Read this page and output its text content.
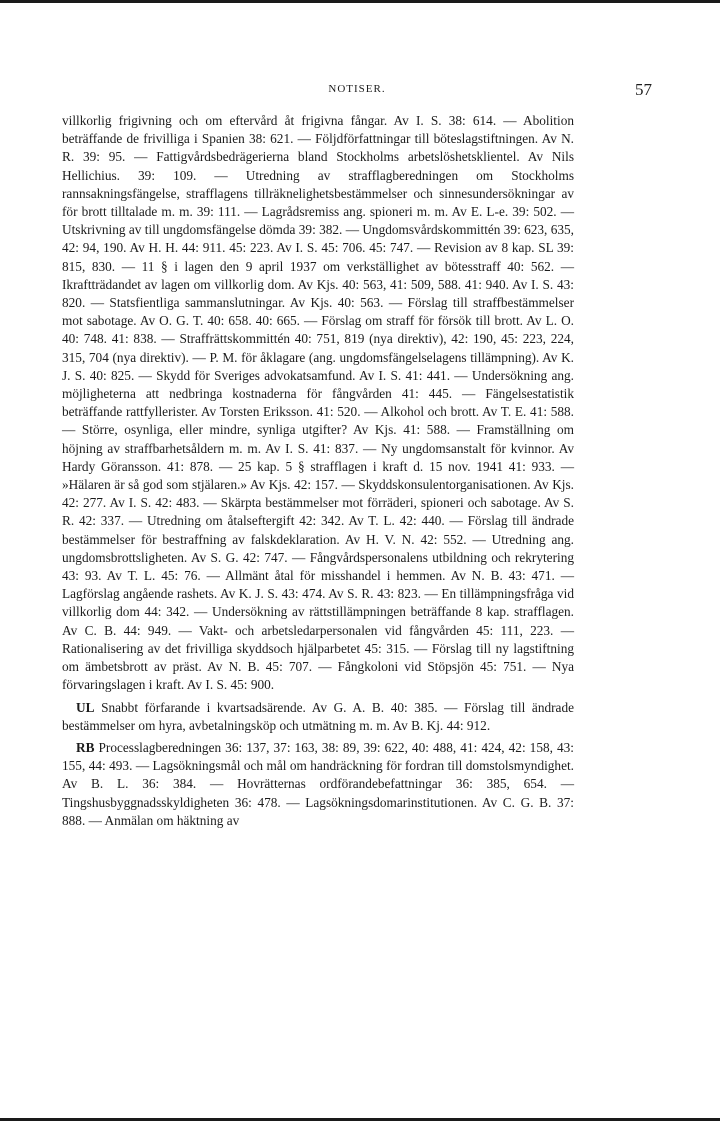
NOTISER.	57

villkorlig frigivning och om eftervård åt frigivna fångar. Av I. S. 38: 614. — Abolition beträffande de frivilliga i Spanien 38: 621. — Följdförfattningar till böteslagstiftningen. Av N. R. 39: 95. — Fattigvårdsbedrägerierna bland Stockholms arbetslöshetsklientel. Av Nils Hellichius. 39: 109. — Utredning av strafflagberedningen om Stockholms rannsakningsfängelse, strafflagens tillräknelighetsbestämmelser och sinnesundersökningar av för brott tilltalade m. m. 39: 111. — Lagrådsremiss ang. spioneri m. m. Av E. L-e. 39: 502. — Utskrivning av till ungdomsfängelse dömda 39: 382. — Ungdomsvårdskommittén 39: 623, 635, 42: 94, 190. Av H. H. 44: 911. 45: 223. Av I. S. 45: 706. 45: 747. — Revision av 8 kap. SL 39: 815, 830. — 11 § i lagen den 9 april 1937 om verkställighet av bötesstraff 40: 562. — Ikraftträdandet av lagen om villkorlig dom. Av Kjs. 40: 563, 41: 509, 588. 41: 940. Av I. S. 43: 820. — Statsfientliga sammanslutningar. Av Kjs. 40: 563. — Förslag till straffbestämmelser mot sabotage. Av O. G. T. 40: 658. 40: 665. — Förslag om straff för försök till brott. Av L. O. 40: 748. 41: 838. — Straffrättskommittén 40: 751, 819 (nya direktiv), 42: 190, 45: 223, 224, 315, 704 (nya direktiv). — P. M. för åklagare (ang. ungdomsfängelselagens tillämpning). Av K. J. S. 40: 825. — Skydd för Sveriges advokatsamfund. Av I. S. 41: 441. — Undersökning ang. möjligheterna att nedbringa kostnaderna för fångvården 41: 445. — Fängelsestatistik beträffande rattfyllerister. Av Torsten Eriksson. 41: 520. — Alkohol och brott. Av T. E. 41: 588. — Större, osynliga, eller mindre, synliga utgifter? Av Kjs. 41: 588. — Framställning om höjning av straffbarhetsåldern m. m. Av I. S. 41: 837. — Ny ungdomsanstalt för kvinnor. Av Hardy Göransson. 41: 878. — 25 kap. 5 § strafflagen i kraft d. 15 nov. 1941 41: 933. — »Hälaren är så god som stjälaren.» Av Kjs. 42: 157. — Skyddskonsulentorganisationen. Av Kjs. 42: 277. Av I. S. 42: 483. — Skärpta bestämmelser mot förräderi, spioneri och sabotage. Av S. R. 42: 337. — Utredning om åtalseftergift 42: 342. Av T. L. 42: 440. — Förslag till ändrade bestämmelser för bestraffning av falskdeklaration. Av H. V. N. 42: 552. — Utredning ang. ungdomsbrottsligheten. Av S. G. 42: 747. — Fångvårdspersonalens utbildning och rekrytering 43: 93. Av T. L. 45: 76. — Allmänt åtal för misshandel i hemmen. Av N. B. 43: 471. — Lagförslag angående rashets. Av K. J. S. 43: 474. Av S. R. 43: 823. — En tillämpningsfråga vid villkorlig dom 44: 342. — Undersökning av rättstillämpningen beträffande 8 kap. strafflagen. Av C. B. 44: 949. — Vakt- och arbetsledarpersonalen vid fångvården 45: 111, 223. — Rationalisering av det frivilliga skyddsoch hjälparbetet 45: 315. — Förslag till ny lagstiftning om ämbetsbrott av präst. Av N. B. 45: 707. — Fångkoloni vid Stöpsjön 45: 751. — Nya förvaringslagen i kraft. Av I. S. 45: 900.

UL Snabbt förfarande i kvartsadsärende. Av G. A. B. 40: 385. — Förslag till ändrade bestämmelser om hyra, avbetalningsköp och utmätning m. m. Av B. Kj. 44: 912.

RB Processlagberedningen 36: 137, 37: 163, 38: 89, 39: 622, 40: 488, 41: 424, 42: 158, 43: 155, 44: 493. — Lagsökningsmål och mål om handräckning för fordran till domstolsmyndighet. Av B. L. 36: 384. — Hovrätternas ordförandebefattningar 36: 385, 654. — Tingshusbyggnadsskyldigheten 36: 478. — Lagsökningsdomarinstitutionen. Av C. G. B. 37: 888. — Anmälan om häktning av
